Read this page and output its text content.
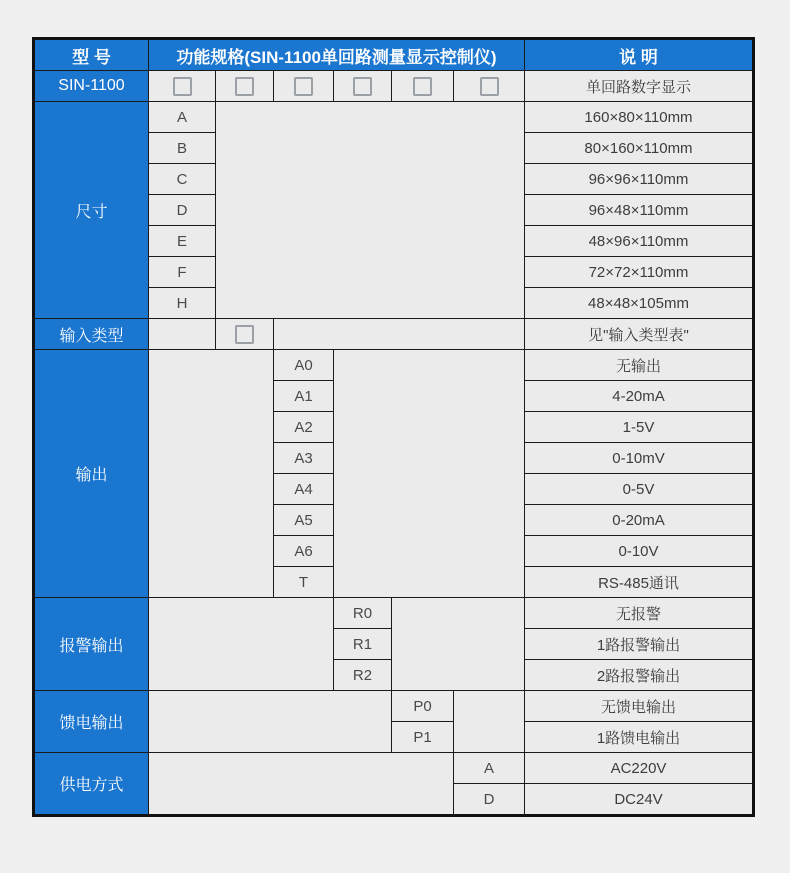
型 号	功能规格(SIN-1100单回路测量显示控制仪)						说 明
SIN-1100							单回路数字显示
尺寸	A						160×80×110mm
	B						80×160×110mm
	C						96×96×110mm
	D						96×48×110mm
	E						48×96×110mm
	F						72×72×110mm
	H						48×48×105mm
输入类型							见"输入类型表"
输出			A0				无输出
			A1				4-20mA
			A2				1-5V
			A3				0-10mV
			A4				0-5V
			A5				0-20mA
			A6				0-10V
			T				RS-485通讯
报警输出				R0			无报警
				R1			1路报警输出
				R2			2路报警输出
馈电输出					P0		无馈电输出
					P1		1路馈电输出
供电方式						A	AC220V
						D	DC24V
